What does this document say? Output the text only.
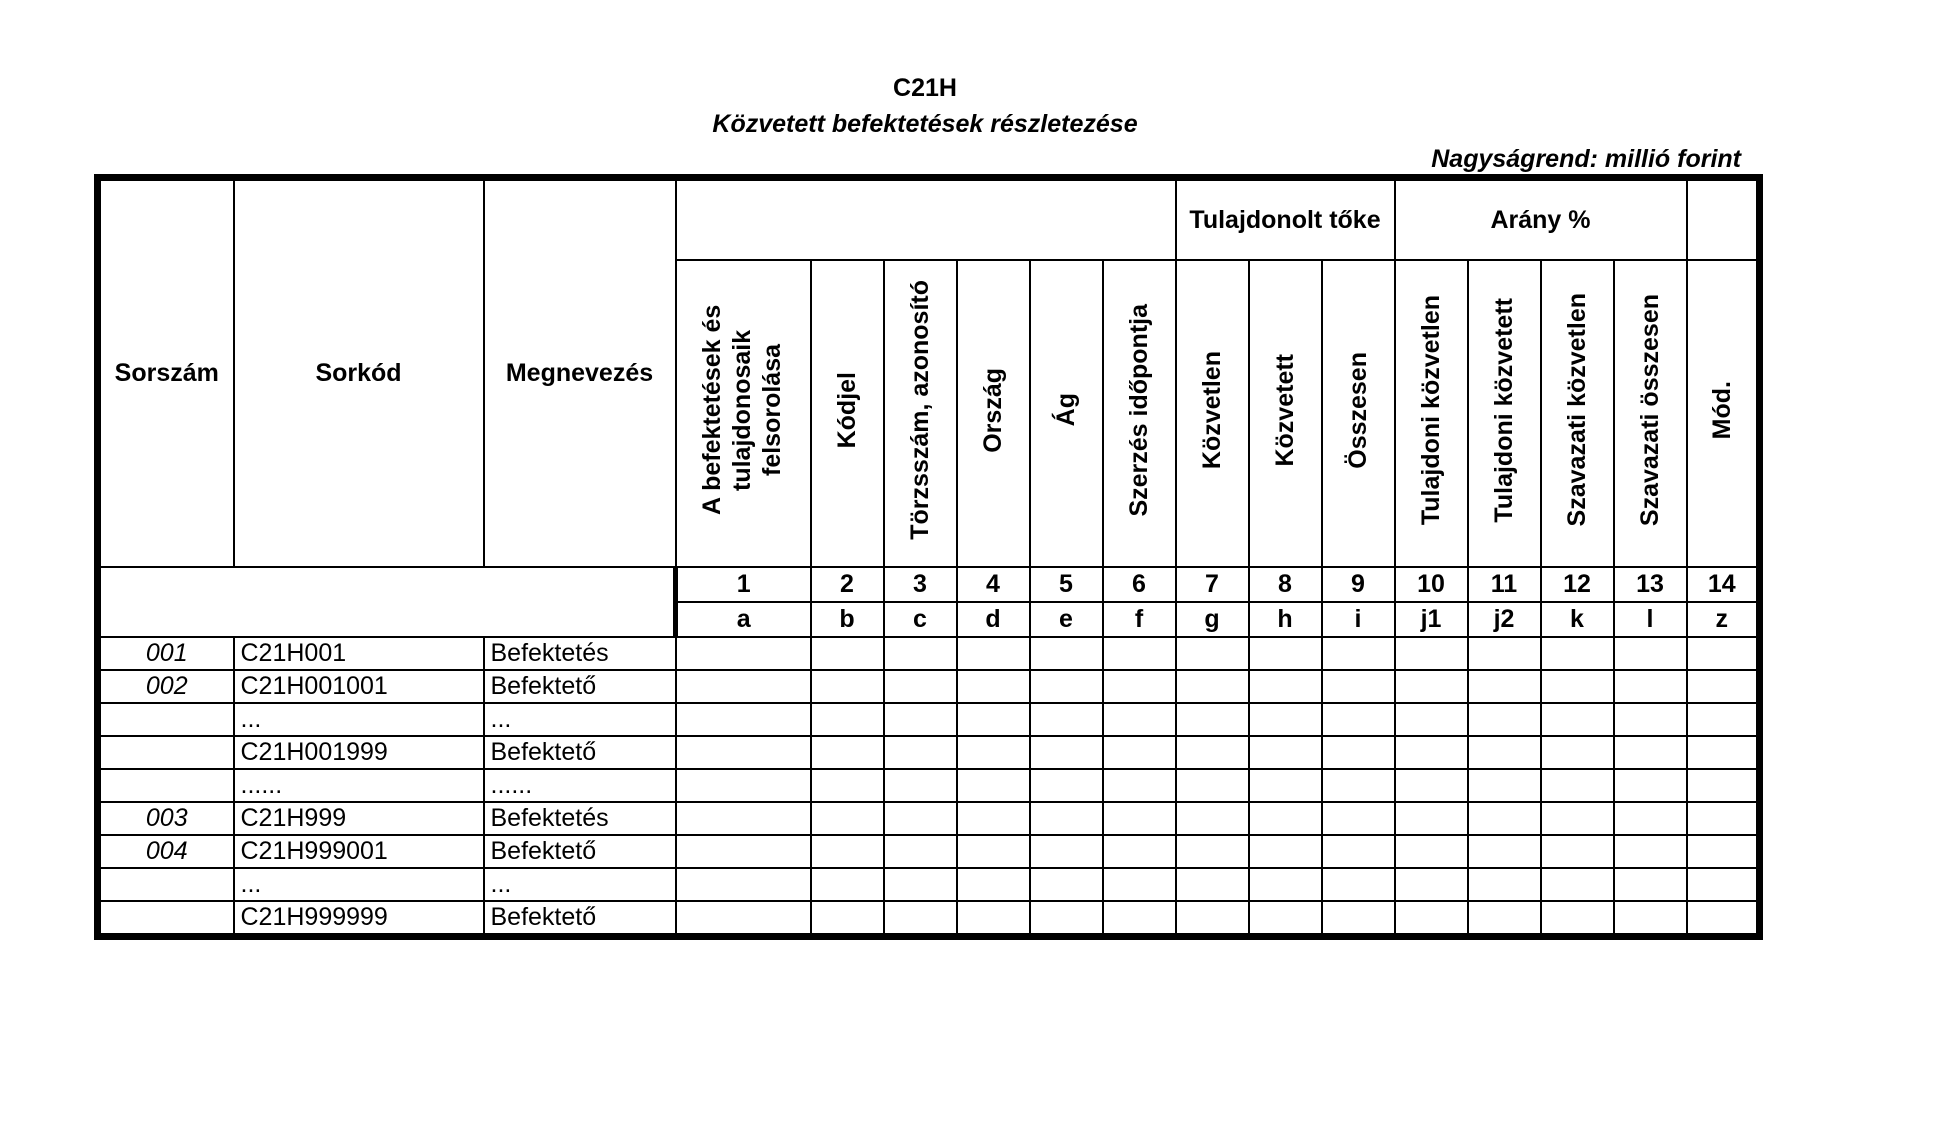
C21H
Közvetett befektetések részletezése
Nagyságrend: millió forint
Sorszám	Sorkód	Megnevezés							Tulajdonolt tőke			Arány %				
			A befektetések és tulajdonosaik felsorolása	Kódjel	Törzsszám, azonosító	Ország	Ág	Szerzés időpontja	Közvetlen	Közvetett	Összesen	Tulajdoni közvetlen	Tulajdoni közvetett	Szavazati közvetlen	Szavazati összesen	Mód.
			1	2	3	4	5	6	7	8	9	10	11	12	13	14
			a	b	c	d	e	f	g	h	i	j1	j2	k	l	z
001	C21H001	Befektetés														
002	C21H001001	Befektető														
	...	...														
	C21H001999	Befektető														
	......	......														
003	C21H999	Befektetés														
004	C21H999001	Befektető														
	...	...														
	C21H999999	Befektető														
